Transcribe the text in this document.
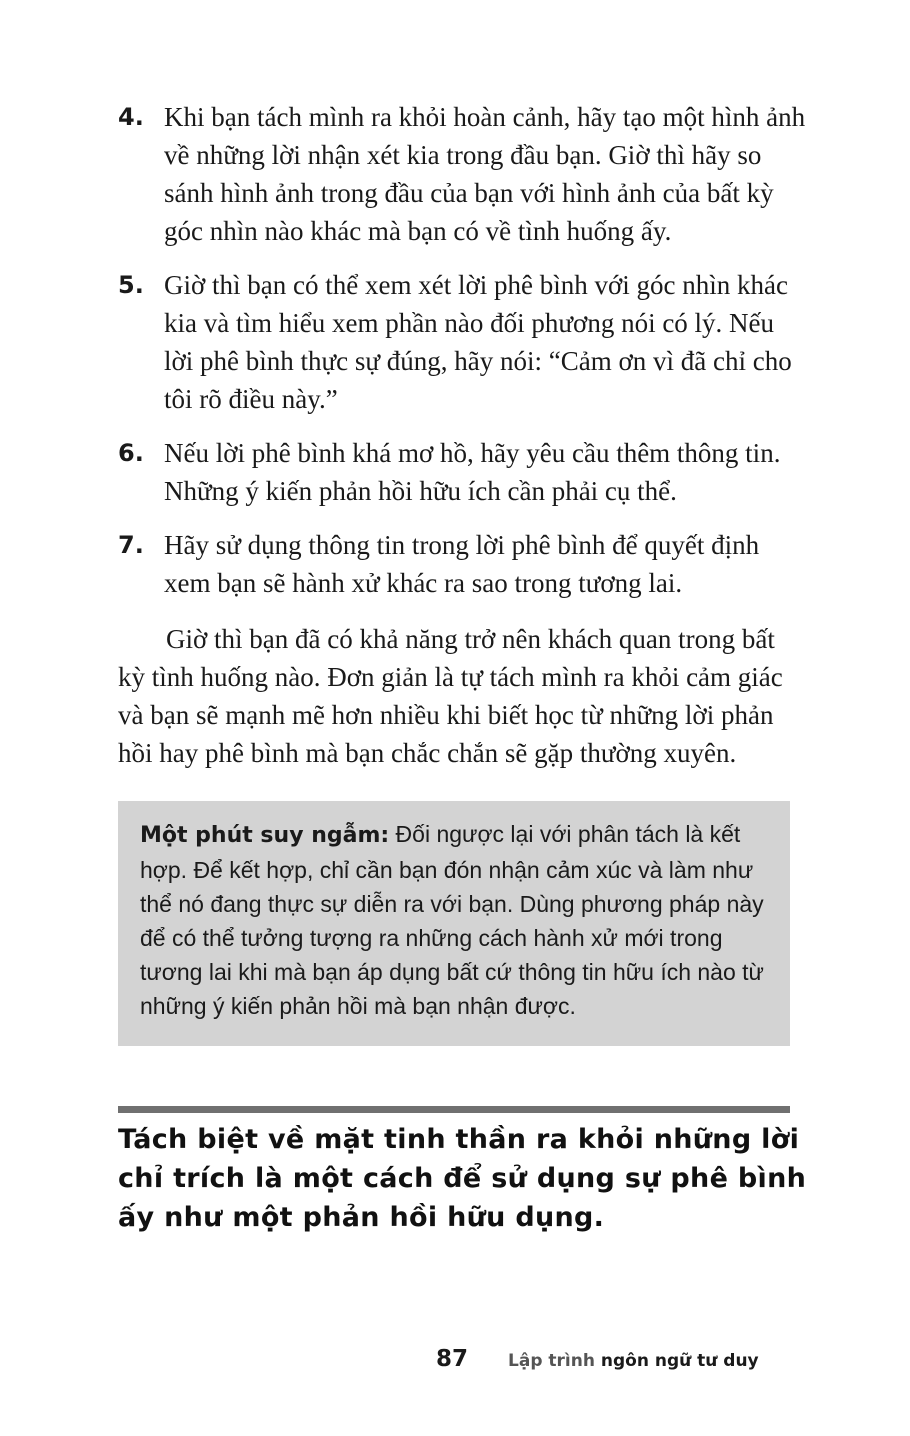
4. Khi bạn tách mình ra khỏi hoàn cảnh, hãy tạo một hình ảnh về những lời nhận xét kia trong đầu bạn. Giờ thì hãy so sánh hình ảnh trong đầu của bạn với hình ảnh của bất kỳ góc nhìn nào khác mà bạn có về tình huống ấy.
5. Giờ thì bạn có thể xem xét lời phê bình với góc nhìn khác kia và tìm hiểu xem phần nào đối phương nói có lý. Nếu lời phê bình thực sự đúng, hãy nói: “Cảm ơn vì đã chỉ cho tôi rõ điều này.”
6. Nếu lời phê bình khá mơ hồ, hãy yêu cầu thêm thông tin. Những ý kiến phản hồi hữu ích cần phải cụ thể.
7. Hãy sử dụng thông tin trong lời phê bình để quyết định xem bạn sẽ hành xử khác ra sao trong tương lai.
Giờ thì bạn đã có khả năng trở nên khách quan trong bất kỳ tình huống nào. Đơn giản là tự tách mình ra khỏi cảm giác và bạn sẽ mạnh mẽ hơn nhiều khi biết học từ những lời phản hồi hay phê bình mà bạn chắc chắn sẽ gặp thường xuyên.
Một phút suy ngẫm: Đối ngược lại với phân tách là kết hợp. Để kết hợp, chỉ cần bạn đón nhận cảm xúc và làm như thể nó đang thực sự diễn ra với bạn. Dùng phương pháp này để có thể tưởng tượng ra những cách hành xử mới trong tương lai khi mà bạn áp dụng bất cứ thông tin hữu ích nào từ những ý kiến phản hồi mà bạn nhận được.
Tách biệt về mặt tinh thần ra khỏi những lời chỉ trích là một cách để sử dụng sự phê bình ấy như một phản hồi hữu dụng.
87 Lập trình ngôn ngữ tư duy
